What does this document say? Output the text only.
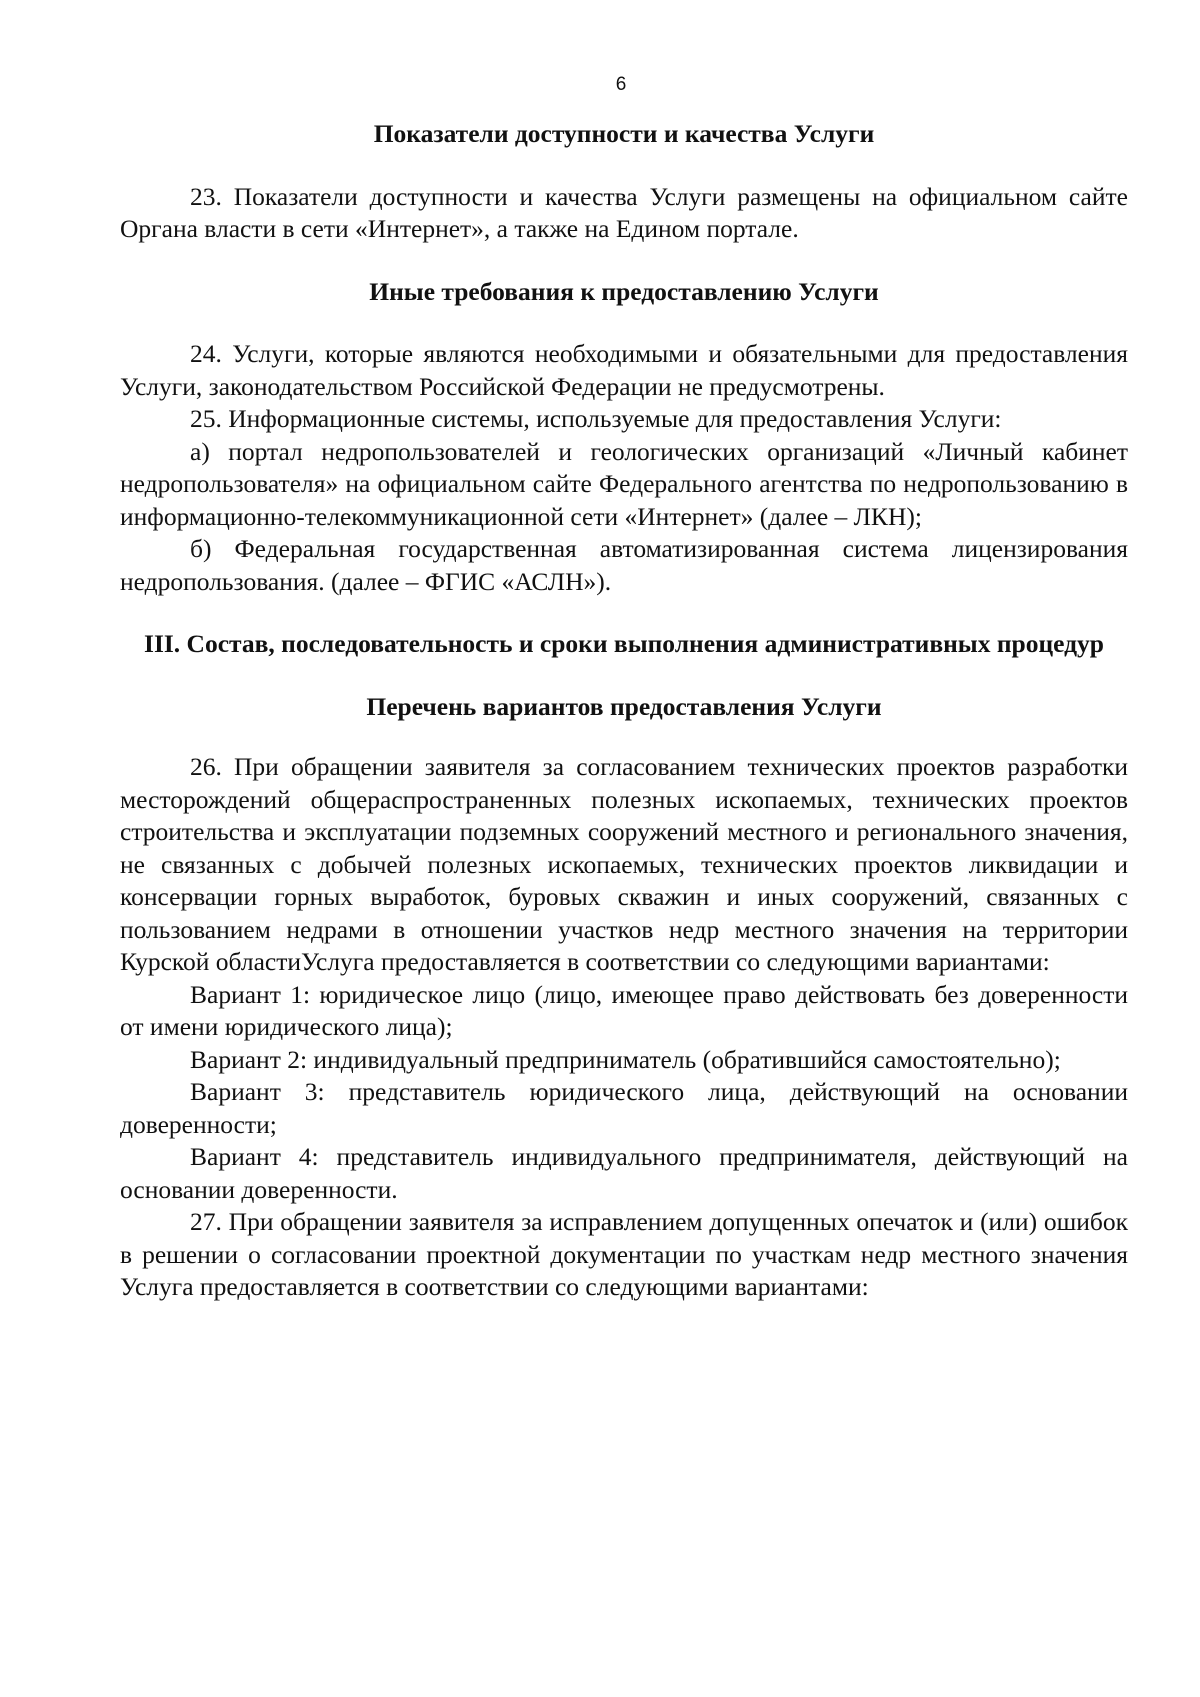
6

Показатели доступности и качества Услуги

23. Показатели доступности и качества Услуги размещены на официальном сайте Органа власти в сети «Интернет», а также на Едином портале.

Иные требования к предоставлению Услуги

24. Услуги, которые являются необходимыми и обязательными для предоставления Услуги, законодательством Российской Федерации не предусмотрены.

25. Информационные системы, используемые для предоставления Услуги:

а) портал недропользователей и геологических организаций «Личный кабинет недропользователя» на официальном сайте Федерального агентства по недропользованию в информационно-телекоммуникационной сети «Интернет» (далее – ЛКН);

б) Федеральная государственная автоматизированная система лицензирования недропользования. (далее – ФГИС «АСЛН»).

III. Состав, последовательность и сроки выполнения административных процедур

Перечень вариантов предоставления Услуги

26. При обращении заявителя за согласованием технических проектов разработки месторождений общераспространенных полезных ископаемых, технических проектов строительства и эксплуатации подземных сооружений местного и регионального значения, не связанных с добычей полезных ископаемых, технических проектов ликвидации и консервации горных выработок, буровых скважин и иных сооружений, связанных с пользованием недрами в отношении участков недр местного значения на территории Курской областиУслуга предоставляется в соответствии со следующими вариантами:

Вариант 1: юридическое лицо (лицо, имеющее право действовать без доверенности от имени юридического лица);

Вариант 2: индивидуальный предприниматель (обратившийся самостоятельно);

Вариант 3: представитель юридического лица, действующий на основании доверенности;

Вариант 4: представитель индивидуального предпринимателя, действующий на основании доверенности.

27. При обращении заявителя за исправлением допущенных опечаток и (или) ошибок в решении о согласовании проектной документации по участкам недр местного значения Услуга предоставляется в соответствии со следующими вариантами:
